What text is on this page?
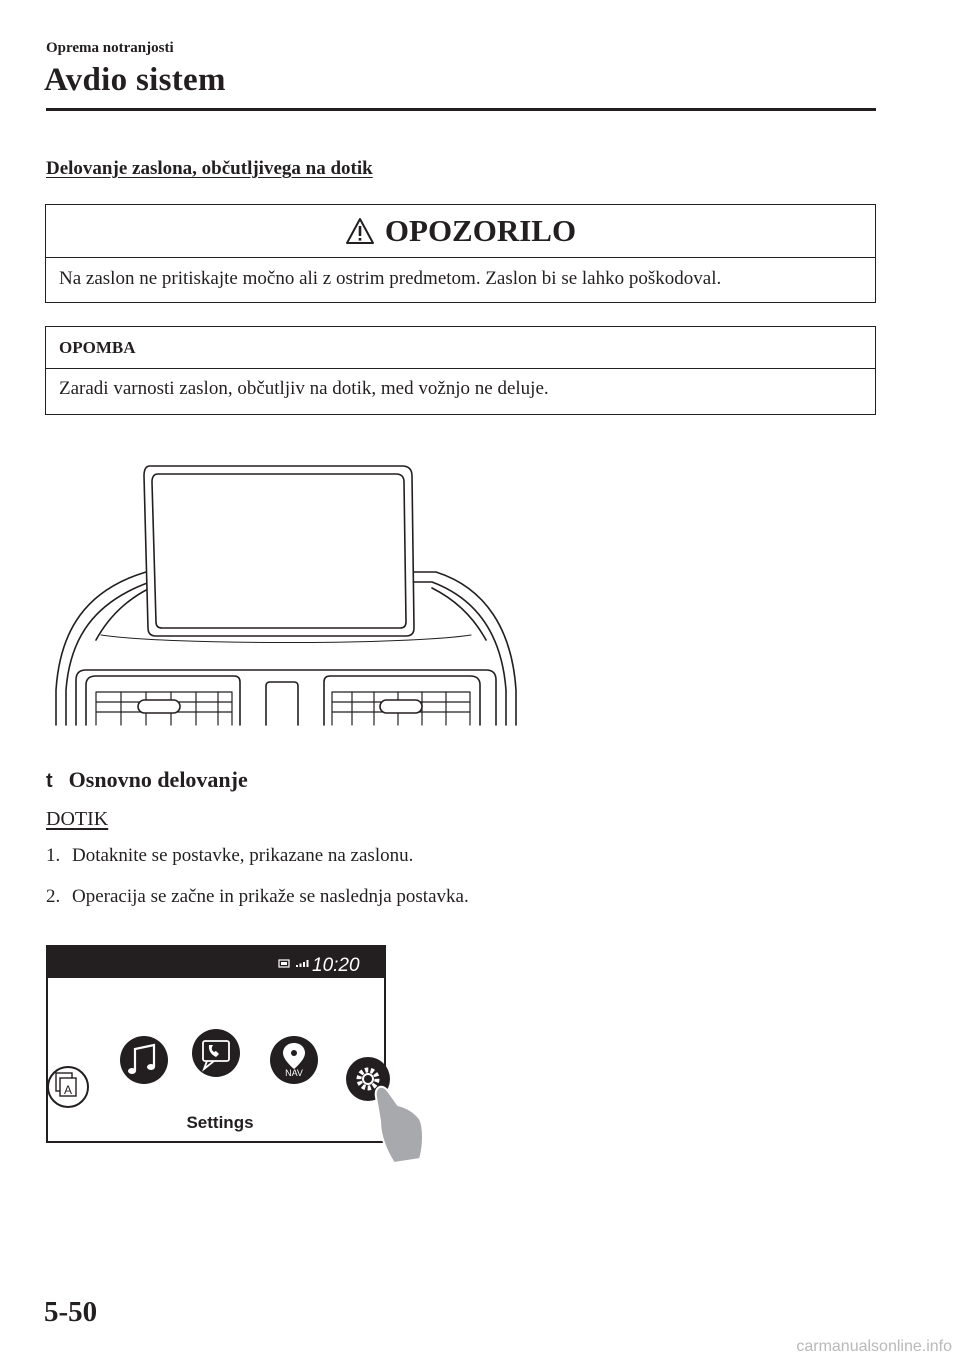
Oprema notranjosti
Avdio sistem
Delovanje zaslona, občutljivega na dotik
OPOZORILO
Na zaslon ne pritiskajte močno ali z ostrim predmetom. Zaslon bi se lahko poškodoval.
OPOMBA
Zaradi varnosti zaslon, občutljiv na dotik, med vožnjo ne deluje.
t Osnovno delovanje
DOTIK
1. Dotaknite se postavke, prikazane na zaslonu.
2. Operacija se začne in prikaže se naslednja postavka.
10:20
A
NAV
Settings
5-50
carmanualsonline.info
